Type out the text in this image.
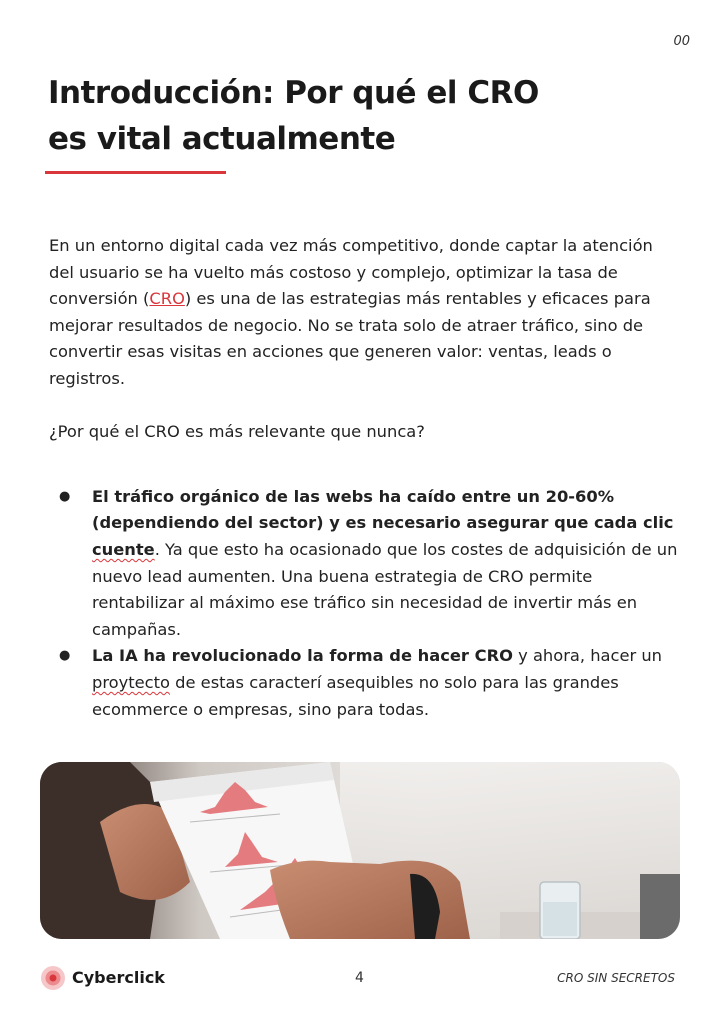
00
Introducción: Por qué el CRO
es vital actualmente

En un entorno digital cada vez más competitivo, donde captar la atención del usuario se ha vuelto más costoso y complejo, optimizar la tasa de conversión (CRO) es una de las estrategias más rentables y eficaces para mejorar resultados de negocio. No se trata solo de atraer tráfico, sino de convertir esas visitas en acciones que generen valor: ventas, leads o registros.

¿Por qué el CRO es más relevante que nunca?

● El tráfico orgánico de las webs ha caído entre un 20-60% (dependiendo del sector) y es necesario asegurar que cada clic cuente. Ya que esto ha ocasionado que los costes de adquisición de un nuevo lead aumenten. Una buena estrategia de CRO permite rentabilizar al máximo ese tráfico sin necesidad de invertir más en campañas.
● La IA ha revolucionado la forma de hacer CRO y ahora, hacer un proytecto de estas caracterí asequibles no solo para las grandes ecommerce o empresas, sino para todas.
Cyberclick	4	CRO SIN SECRETOS
